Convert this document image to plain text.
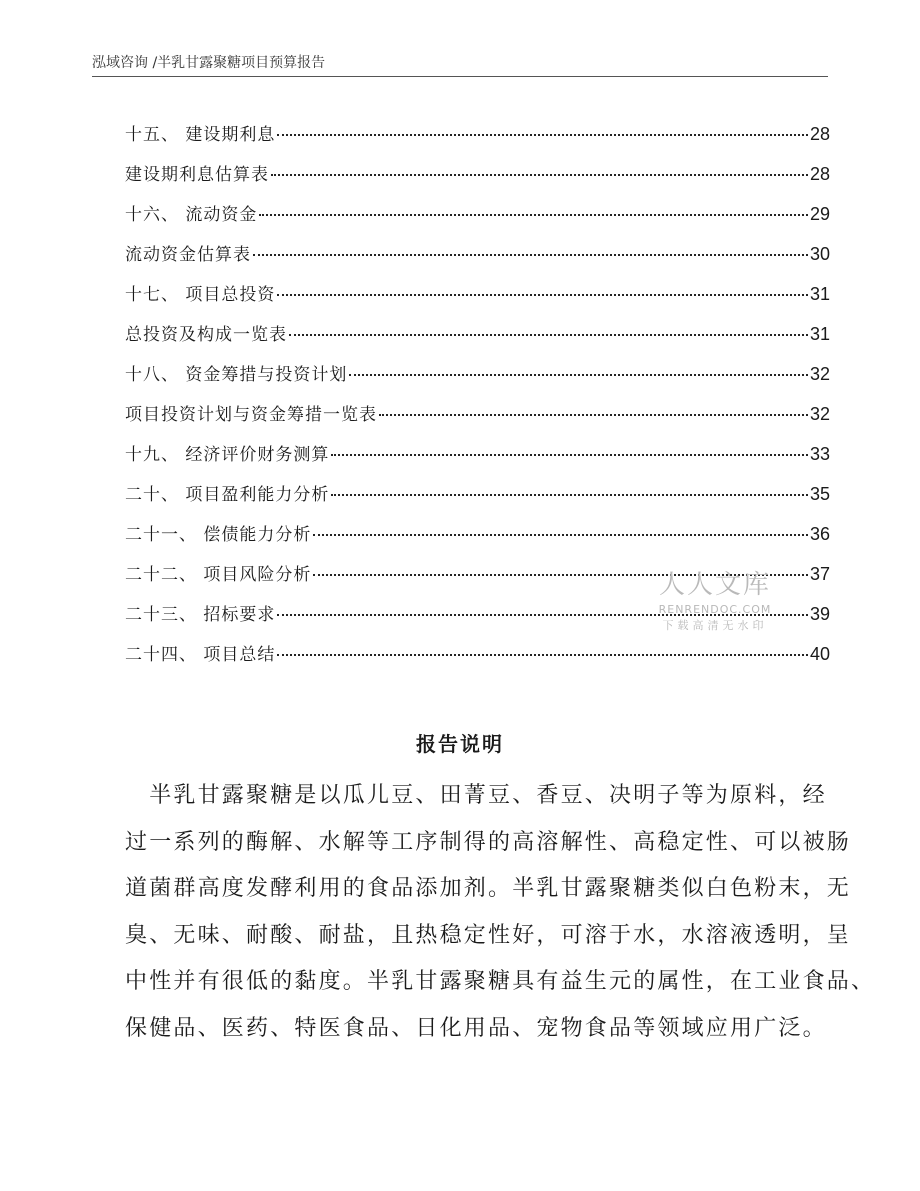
泓域咨询 /半乳甘露聚糖项目预算报告
十五、 建设期利息	28
建设期利息估算表	28
十六、 流动资金	29
流动资金估算表	30
十七、 项目总投资	31
总投资及构成一览表	31
十八、 资金筹措与投资计划	32
项目投资计划与资金筹措一览表	32
十九、 经济评价财务测算	33
二十、 项目盈利能力分析	35
二十一、 偿债能力分析	36
二十二、 项目风险分析	37
二十三、 招标要求	39
二十四、 项目总结	40
人人文库
RENRENDOC.COM
下载高清无水印
报告说明
　半乳甘露聚糖是以瓜儿豆、田菁豆、香豆、决明子等为原料，经
过一系列的酶解、水解等工序制得的高溶解性、高稳定性、可以被肠
道菌群高度发酵利用的食品添加剂。半乳甘露聚糖类似白色粉末，无
臭、无味、耐酸、耐盐，且热稳定性好，可溶于水，水溶液透明，呈
中性并有很低的黏度。半乳甘露聚糖具有益生元的属性，在工业食品、
保健品、医药、特医食品、日化用品、宠物食品等领域应用广泛。
